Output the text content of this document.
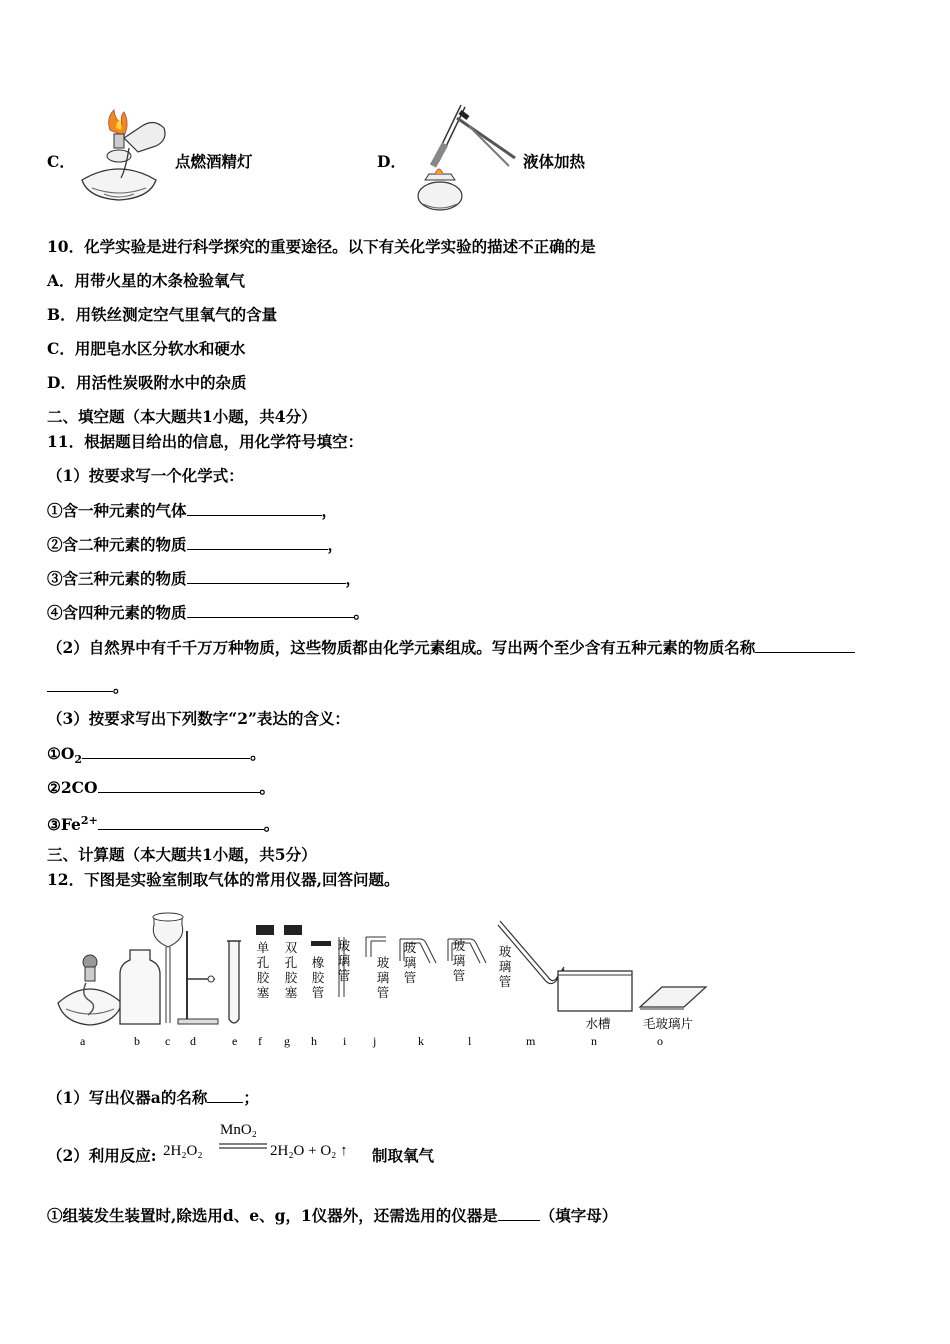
C．	点燃酒精灯	D．	液体加热
10．化学实验是进行科学探究的重要途径。以下有关化学实验的描述不正确的是
A．用带火星的木条检验氧气
B．用铁丝测定空气里氧气的含量
C．用肥皂水区分软水和硬水
D．用活性炭吸附水中的杂质
二、填空题（本大题共1小题，共4分）
11．根据题目给出的信息，用化学符号填空：
（1）按要求写一个化学式：
①含一种元素的气体	，
②含二种元素的物质	，
③含三种元素的物质	，
④含四种元素的物质	。
（2）自然界中有千千万万种物质，这些物质都由化学元素组成。写出两个至少含有五种元素的物质名称
。
（3）按要求写出下列数字“2”表达的含义：
$①O_2$	。
②2CO	。
$③Fe^{2+}$	。
三、计算题（本大题共1小题，共5分）
12．下图是实验室制取气体的常用仪器,回答问题。
单孔胶塞
双孔胶塞
橡胶管
玻璃管
玻璃管
玻璃管
玻璃管
玻璃管
水槽	毛玻璃片
a	b c d	e f g h i j	k	l	m	n	o
（1）写出仪器a的名称 ；
（2）利用反应: 2H₂O₂
MnO₂
2H₂O + O₂ ↑ 制取氧气
①组装发生装置时,除选用d、e、g，1仪器外，还需选用的仪器是	（填字母）
